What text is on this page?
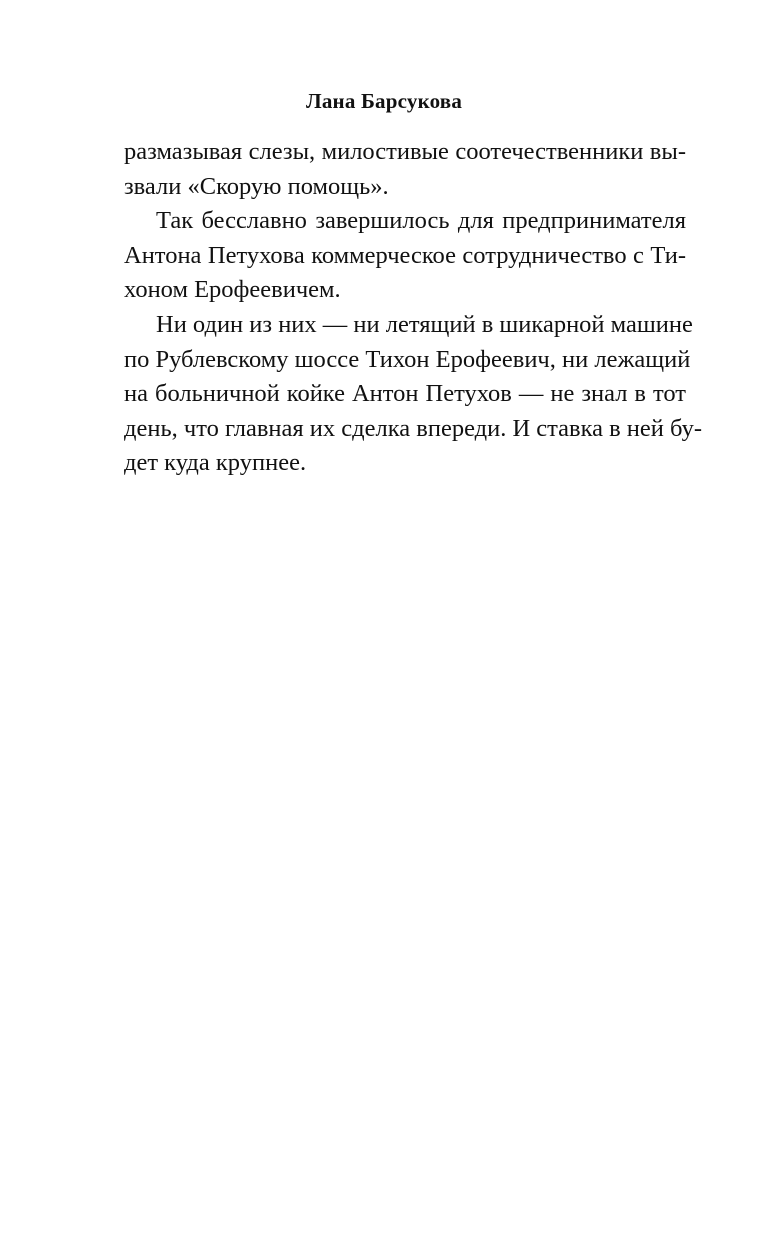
Лана Барсукова
размазывая слезы, милостивые соотечественники вы-
звали «Скорую помощь».
Так бесславно завершилось для предпринимателя
Антона Петухова коммерческое сотрудничество с Ти-
хоном Ерофеевичем.
Ни один из них — ни летящий в шикарной машине
по Рублевскому шоссе Тихон Ерофеевич, ни лежащий
на больничной койке Антон Петухов — не знал в тот
день, что главная их сделка впереди. И ставка в ней бу-
дет куда крупнее.
